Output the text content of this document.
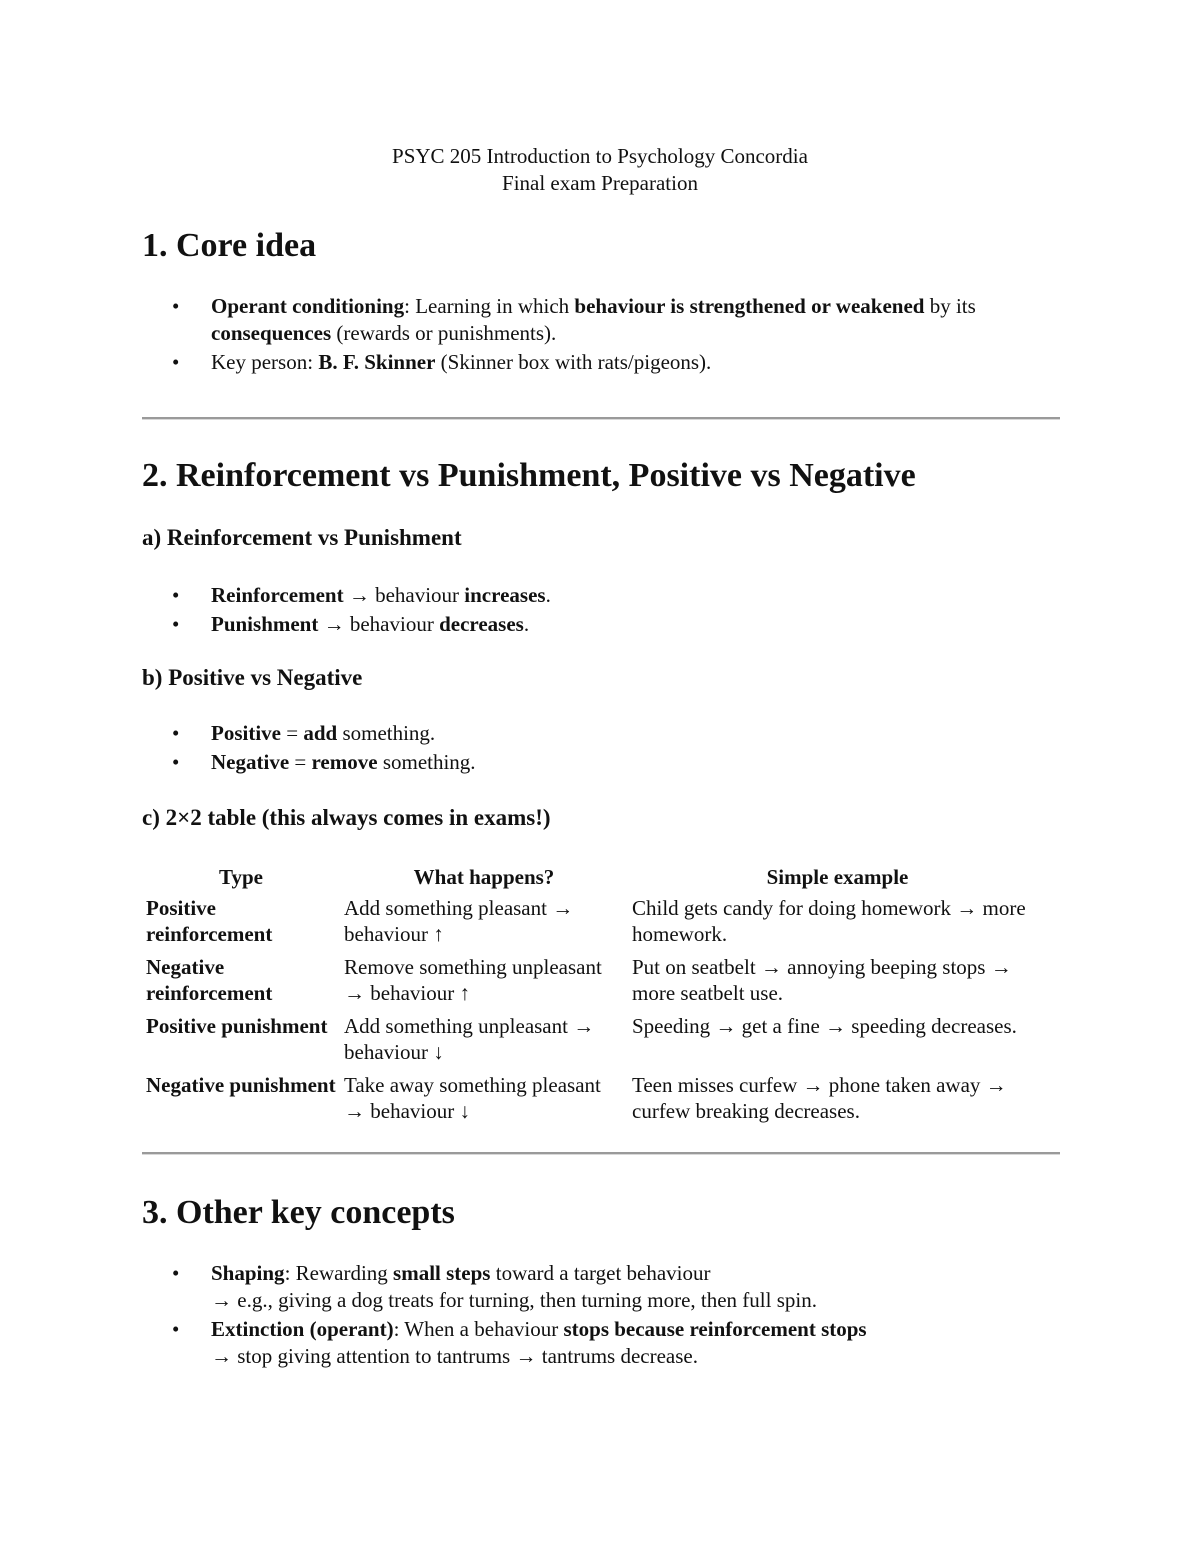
PSYC 205 Introduction to Psychology Concordia
Final exam Preparation
1. Core idea
• Operant conditioning: Learning in which behaviour is strengthened or weakened by its consequences (rewards or punishments).
• Key person: B. F. Skinner (Skinner box with rats/pigeons).
2. Reinforcement vs Punishment, Positive vs Negative
a) Reinforcement vs Punishment
• Reinforcement → behaviour increases.
• Punishment → behaviour decreases.
b) Positive vs Negative
• Positive = add something.
• Negative = remove something.
c) 2×2 table (this always comes in exams!)
Type	What happens?	Simple example
Positive reinforcement	Add something pleasant → behaviour ↑	Child gets candy for doing homework → more homework.
Negative reinforcement	Remove something unpleasant → behaviour ↑	Put on seatbelt → annoying beeping stops → more seatbelt use.
Positive punishment	Add something unpleasant → behaviour ↓	Speeding → get a fine → speeding decreases.
Negative punishment	Take away something pleasant → behaviour ↓	Teen misses curfew → phone taken away → curfew breaking decreases.
3. Other key concepts
• Shaping: Rewarding small steps toward a target behaviour
→ e.g., giving a dog treats for turning, then turning more, then full spin.
• Extinction (operant): When a behaviour stops because reinforcement stops
→ stop giving attention to tantrums → tantrums decrease.
